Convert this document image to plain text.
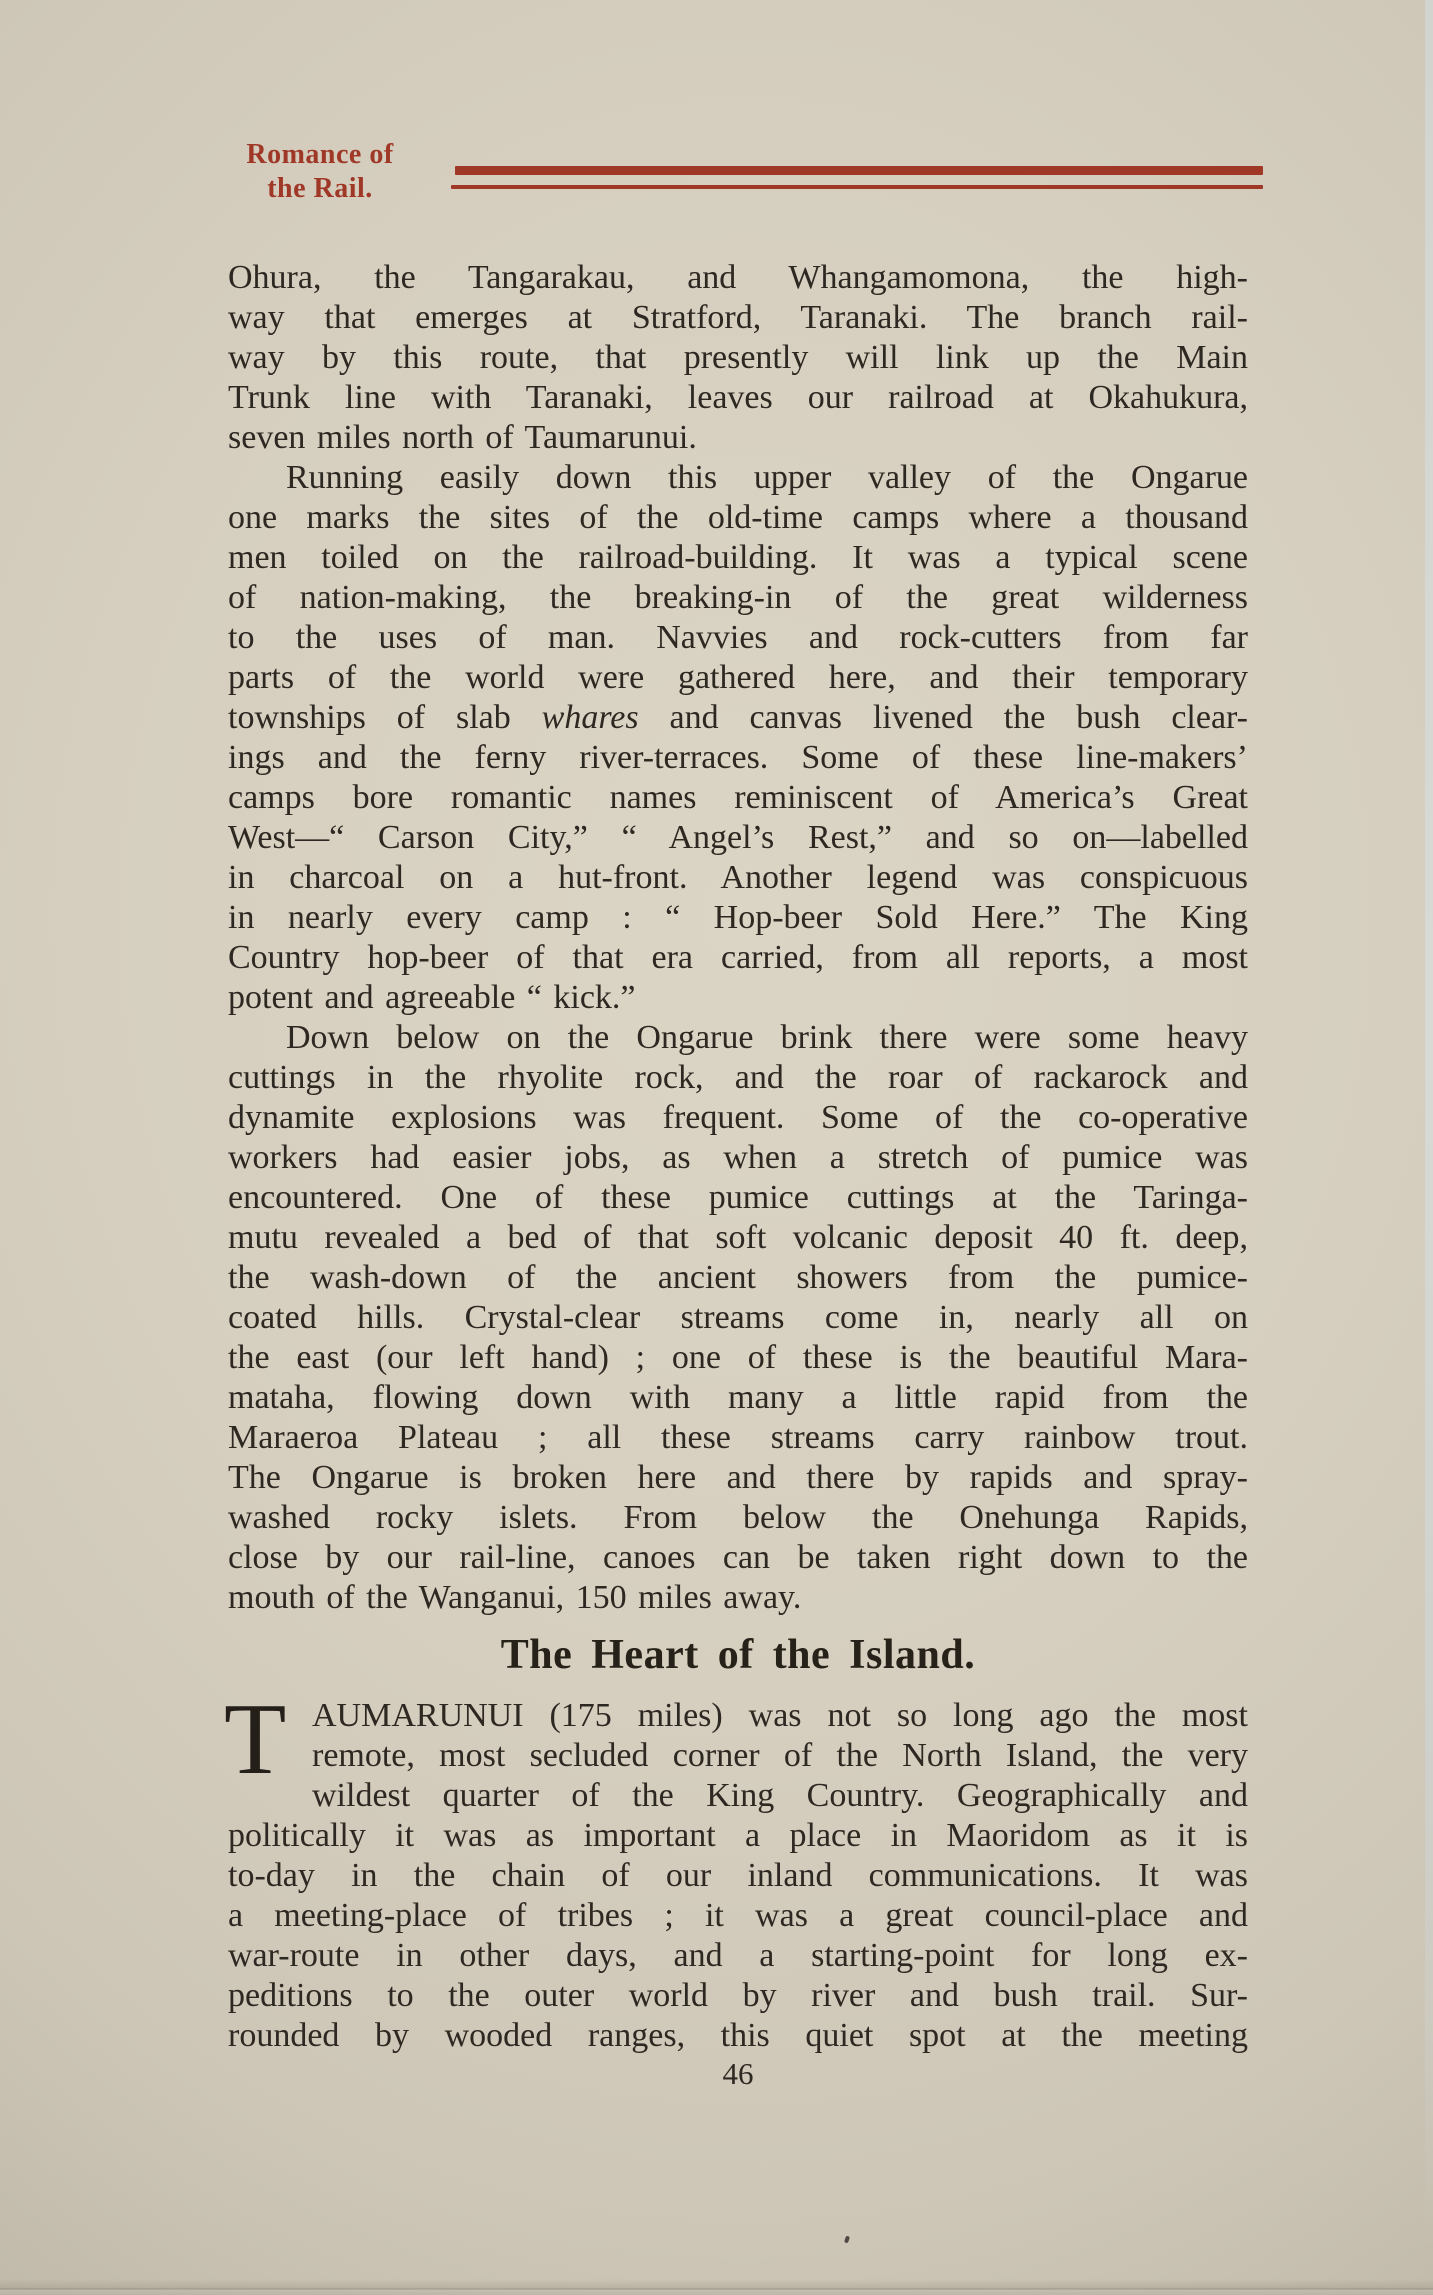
Romance of
the Rail.
Ohura, the Tangarakau, and Whangamomona, the high-
way that emerges at Stratford, Taranaki. The branch rail-
way by this route, that presently will link up the Main
Trunk line with Taranaki, leaves our railroad at Okahukura,
seven miles north of Taumarunui.
Running easily down this upper valley of the Ongarue
one marks the sites of the old-time camps where a thousand
men toiled on the railroad-building. It was a typical scene
of nation-making, the breaking-in of the great wilderness
to the uses of man. Navvies and rock-cutters from far
parts of the world were gathered here, and their temporary
townships of slab whares and canvas livened the bush clear-
ings and the ferny river-terraces. Some of these line-makers’
camps bore romantic names reminiscent of America’s Great
West—“ Carson City,” “ Angel’s Rest,” and so on—labelled
in charcoal on a hut-front. Another legend was conspicuous
in nearly every camp : “ Hop-beer Sold Here.” The King
Country hop-beer of that era carried, from all reports, a most
potent and agreeable “ kick.”
Down below on the Ongarue brink there were some heavy
cuttings in the rhyolite rock, and the roar of rackarock and
dynamite explosions was frequent. Some of the co-operative
workers had easier jobs, as when a stretch of pumice was
encountered. One of these pumice cuttings at the Taringa-
mutu revealed a bed of that soft volcanic deposit 40 ft. deep,
the wash-down of the ancient showers from the pumice-
coated hills. Crystal-clear streams come in, nearly all on
the east (our left hand) ; one of these is the beautiful Mara-
mataha, flowing down with many a little rapid from the
Maraeroa Plateau ; all these streams carry rainbow trout.
The Ongarue is broken here and there by rapids and spray-
washed rocky islets. From below the Onehunga Rapids,
close by our rail-line, canoes can be taken right down to the
mouth of the Wanganui, 150 miles away.
The Heart of the Island.
T AUMARUNUI (175 miles) was not so long ago the most
remote, most secluded corner of the North Island, the very
wildest quarter of the King Country. Geographically and
politically it was as important a place in Maoridom as it is
to-day in the chain of our inland communications. It was
a meeting-place of tribes ; it was a great council-place and
war-route in other days, and a starting-point for long ex-
peditions to the outer world by river and bush trail. Sur-
rounded by wooded ranges, this quiet spot at the meeting
46
